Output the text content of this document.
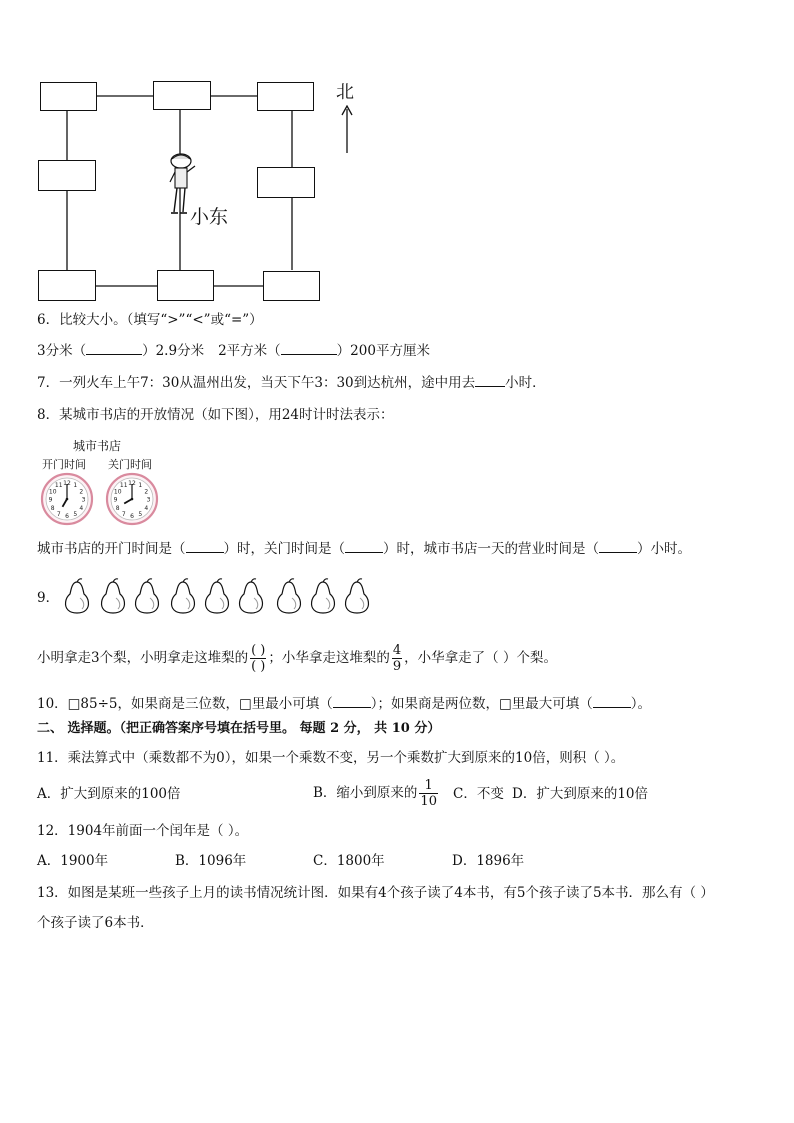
小东
北
6．比较大小。（填写“>”“<”或“=”）
3分米（	）2.9分米 2平方米（	）200平方厘米
7．一列火车上午7：30从温州出发，当天下午3：30到达杭州，途中用去 小时．
8．某城市书店的开放情况（如下图），用24时计时法表示：
城市书店
开门时间 关门时间
1
2
3
4
5
6
7
8
9
10
11 12	1
2
3
4
5
6
7
8
9
10
11 12
城市书店的开门时间是（	）时，关门时间是（	）时，城市书店一天的营业时间是（	）小时。
9．
小明拿走3个梨，小明拿走这堆梨的 $\frac{( )}{( )}$ ；小华拿走这堆梨的 $\frac{4}{9}$ ，小华拿走了（ ）个梨。
10．□85÷5，如果商是三位数，□里最小可填（	）；如果商是两位数，□里最大可填（	）。
二、 选择题。（把正确答案序号填在括号里。 每题 2 分， 共 10 分）
11．乘法算式中（乘数都不为0），如果一个乘数不变，另一个乘数扩大到原来的10倍，则积（ ）。
A．扩大到原来的100倍	B．缩小到原来的 $\frac{1}{10}$ C．不变 D．扩大到原来的10倍
12．1904年前面一个闰年是（ ）。
A．1900年	B．1096年	C．1800年	D．1896年
13．如图是某班一些孩子上月的读书情况统计图．如果有4个孩子读了4本书，有5个孩子读了5本书．那么有（ ）
个孩子读了6本书．
